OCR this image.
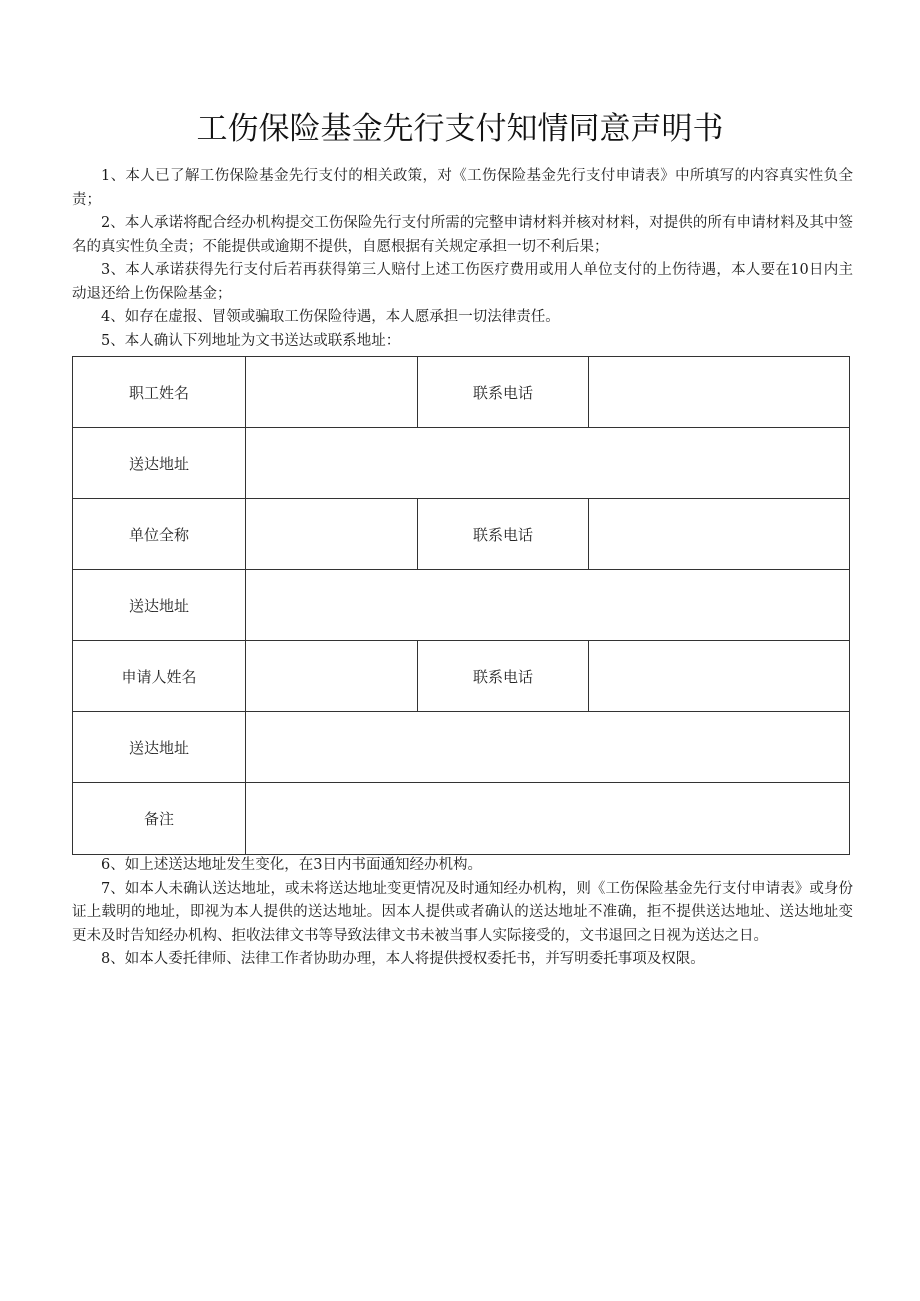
工伤保险基金先行支付知情同意声明书

1、本人已了解工伤保险基金先行支付的相关政策，对《工伤保险基金先行支付申请表》中所填写的内容真实性负全责；

2、本人承诺将配合经办机构提交工伤保险先行支付所需的完整申请材料并核对材料，对提供的所有申请材料及其中签名的真实性负全责；不能提供或逾期不提供，自愿根据有关规定承担一切不利后果；

3、本人承诺获得先行支付后若再获得第三人赔付上述工伤医疗费用或用人单位支付的上伤待遇，本人要在10日内主动退还给上伤保险基金；

4、如存在虚报、冒领或骗取工伤保险待遇，本人愿承担一切法律责任。

5、本人确认下列地址为文书送达或联系地址：

职工姓名		联系电话	
送达地址			
单位全称		联系电话	
送达地址			
申请人姓名		联系电话	
送达地址			
备注			

6、如上述送达地址发生变化，在3日内书面通知经办机构。

7、如本人未确认送达地址，或未将送达地址变更情况及时通知经办机构，则《工伤保险基金先行支付申请表》或身份证上载明的地址，即视为本人提供的送达地址。因本人提供或者确认的送达地址不准确，拒不提供送达地址、送达地址变更未及时告知经办机构、拒收法律文书等导致法律文书未被当事人实际接受的，文书退回之日视为送达之日。

8、如本人委托律师、法律工作者协助办理，本人将提供授权委托书，并写明委托事项及权限。
